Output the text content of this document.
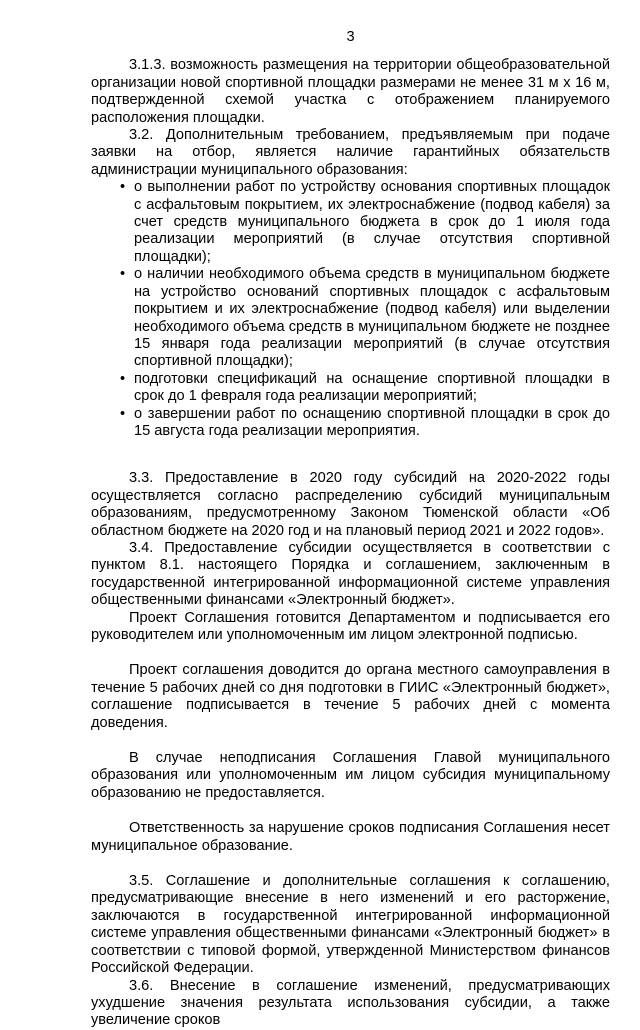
3

3.1.3. возможность размещения на территории общеобразовательной организации новой спортивной площадки размерами не менее 31 м х 16 м, подтвержденной схемой участка с отображением планируемого расположения площадки.

3.2. Дополнительным требованием, предъявляемым при подаче заявки на отбор, является наличие гарантийных обязательств администрации муниципального образования:

• о выполнении работ по устройству основания спортивных площадок с асфальтовым покрытием, их электроснабжение (подвод кабеля) за счет средств муниципального бюджета в срок до 1 июля года реализации мероприятий (в случае отсутствия спортивной площадки);
• о наличии необходимого объема средств в муниципальном бюджете на устройство оснований спортивных площадок с асфальтовым покрытием и их электроснабжение (подвод кабеля) или выделении необходимого объема средств в муниципальном бюджете не позднее 15 января года реализации мероприятий (в случае отсутствия спортивной площадки);
• подготовки спецификаций на оснащение спортивной площадки в срок до 1 февраля года реализации мероприятий;
• о завершении работ по оснащению спортивной площадки в срок до 15 августа года реализации мероприятия.

3.3. Предоставление в 2020 году субсидий на 2020-2022 годы осуществляется согласно распределению субсидий муниципальным образованиям, предусмотренному Законом Тюменской области «Об областном бюджете на 2020 год и на плановый период 2021 и 2022 годов».

3.4. Предоставление субсидии осуществляется в соответствии с пунктом 8.1. настоящего Порядка и соглашением, заключенным в государственной интегрированной информационной системе управления общественными финансами «Электронный бюджет».

Проект Соглашения готовится Департаментом и подписывается его руководителем или уполномоченным им лицом электронной подписью.

Проект соглашения доводится до органа местного самоуправления в течение 5 рабочих дней со дня подготовки в ГИИС «Электронный бюджет», соглашение подписывается в течение 5 рабочих дней с момента доведения.

В случае неподписания Соглашения Главой муниципального образования или уполномоченным им лицом субсидия муниципальному образованию не предоставляется.

Ответственность за нарушение сроков подписания Соглашения несет муниципальное образование.

3.5. Соглашение и дополнительные соглашения к соглашению, предусматривающие внесение в него изменений и его расторжение, заключаются в государственной интегрированной информационной системе управления общественными финансами «Электронный бюджет» в соответствии с типовой формой, утвержденной Министерством финансов Российской Федерации.

3.6. Внесение в соглашение изменений, предусматривающих ухудшение значения результата использования субсидии, а также увеличение сроков
